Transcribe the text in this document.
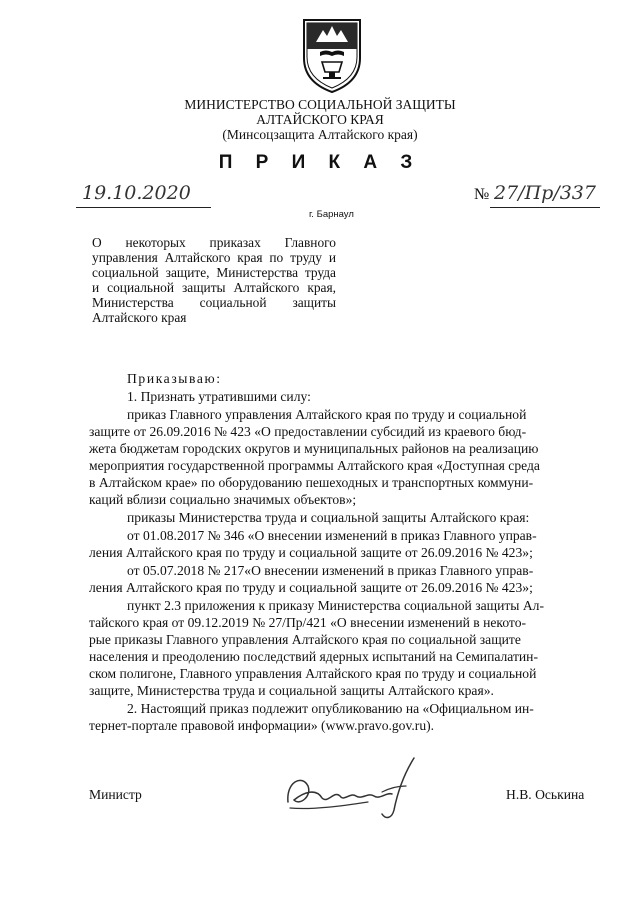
МИНИСТЕРСТВО СОЦИАЛЬНОЙ ЗАЩИТЫ
АЛТАЙСКОГО КРАЯ
(Минсоцзащита Алтайского края)
П Р И К А З
19.10.2020	№ 27/Пр/337
г. Барнаул
О некоторых приказах Главного управления Алтайского края по труду и социальной защите, Министерства труда и социальной защиты Алтайского края, Министерства социальной защиты Алтайского края
Приказываю:
1. Признать утратившими силу:
приказ Главного управления Алтайского края по труду и социальной
защите от 26.09.2016 № 423 «О предоставлении субсидий из краевого бюд-
жета бюджетам городских округов и муниципальных районов на реализацию
мероприятия государственной программы Алтайского края «Доступная среда
в Алтайском крае» по оборудованию пешеходных и транспортных коммуни-
каций вблизи социально значимых объектов»;
приказы Министерства труда и социальной защиты Алтайского края:
от 01.08.2017 № 346 «О внесении изменений в приказ Главного управ-
ления Алтайского края по труду и социальной защите от 26.09.2016 № 423»;
от 05.07.2018 № 217«О внесении изменений в приказ Главного управ-
ления Алтайского края по труду и социальной защите от 26.09.2016 № 423»;
пункт 2.3 приложения к приказу Министерства социальной защиты Ал-
тайского края от 09.12.2019 № 27/Пр/421 «О внесении изменений в некото-
рые приказы Главного управления Алтайского края по социальной защите
населения и преодолению последствий ядерных испытаний на Семипалатин-
ском полигоне, Главного управления Алтайского края по труду и социальной
защите, Министерства труда и социальной защиты Алтайского края».
2. Настоящий приказ подлежит опубликованию на «Официальном ин-
тернет-портале правовой информации» (www.pravo.gov.ru).
Министр	Н.В. Оськина
